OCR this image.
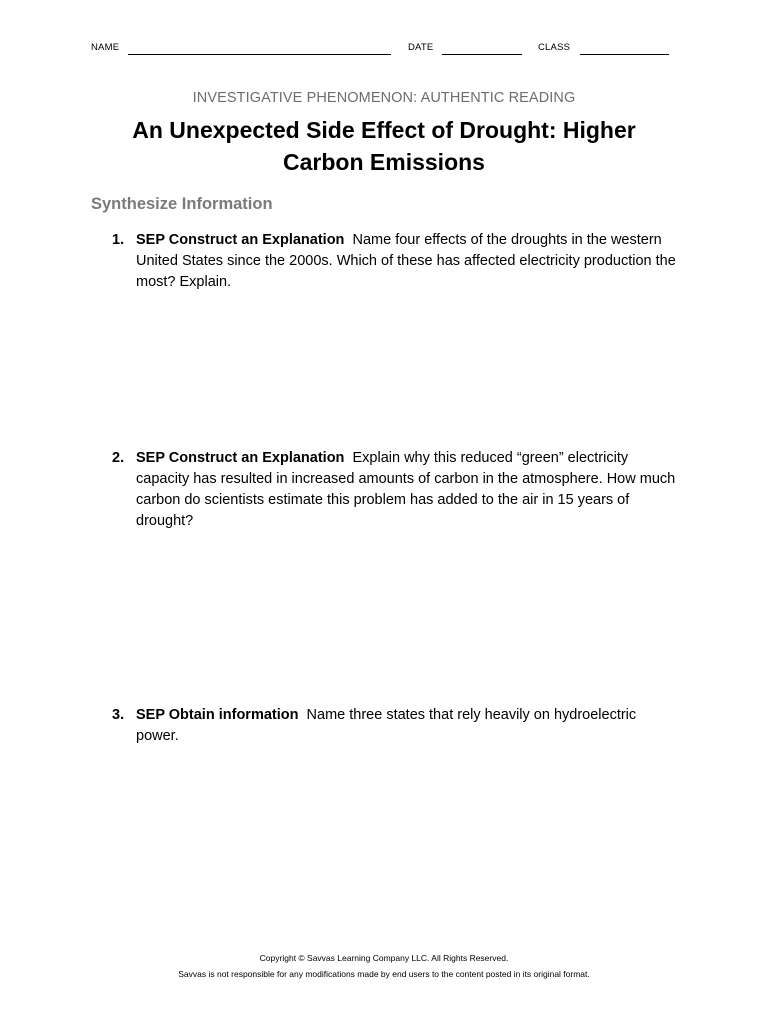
NAME	DATE	CLASS
INVESTIGATIVE PHENOMENON: AUTHENTIC READING
An Unexpected Side Effect of Drought: Higher Carbon Emissions
Synthesize Information
1. SEP Construct an Explanation Name four effects of the droughts in the western United States since the 2000s. Which of these has affected electricity production the most? Explain.
2. SEP Construct an Explanation Explain why this reduced “green” electricity capacity has resulted in increased amounts of carbon in the atmosphere. How much carbon do scientists estimate this problem has added to the air in 15 years of drought?
3. SEP Obtain information Name three states that rely heavily on hydroelectric power.
Copyright © Savvas Learning Company LLC. All Rights Reserved.
Savvas is not responsible for any modifications made by end users to the content posted in its original format.
